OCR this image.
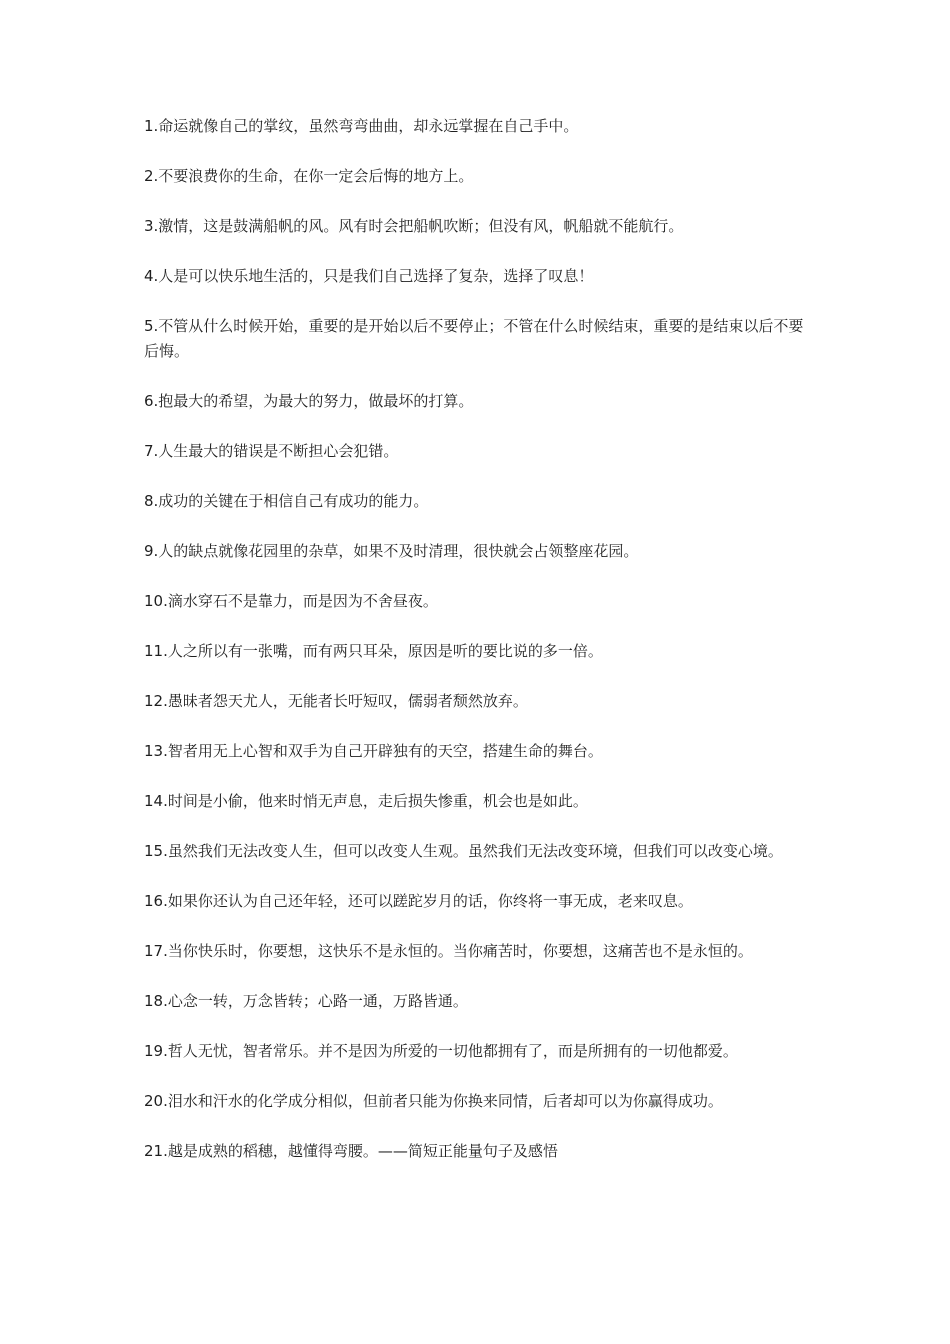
1.命运就像自己的掌纹，虽然弯弯曲曲，却永远掌握在自己手中。

2.不要浪费你的生命，在你一定会后悔的地方上。

3.激情，这是鼓满船帆的风。风有时会把船帆吹断；但没有风，帆船就不能航行。

4.人是可以快乐地生活的，只是我们自己选择了复杂，选择了叹息！

5.不管从什么时候开始，重要的是开始以后不要停止；不管在什么时候结束，重要的是结束以后不要后悔。

6.抱最大的希望，为最大的努力，做最坏的打算。

7.人生最大的错误是不断担心会犯错。

8.成功的关键在于相信自己有成功的能力。

9.人的缺点就像花园里的杂草，如果不及时清理，很快就会占领整座花园。

10.滴水穿石不是靠力，而是因为不舍昼夜。

11.人之所以有一张嘴，而有两只耳朵，原因是听的要比说的多一倍。

12.愚昧者怨天尤人，无能者长吁短叹，儒弱者颓然放弃。

13.智者用无上心智和双手为自己开辟独有的天空，搭建生命的舞台。

14.时间是小偷，他来时悄无声息，走后损失惨重，机会也是如此。

15.虽然我们无法改变人生，但可以改变人生观。虽然我们无法改变环境，但我们可以改变心境。

16.如果你还认为自己还年轻，还可以蹉跎岁月的话，你终将一事无成，老来叹息。

17.当你快乐时，你要想，这快乐不是永恒的。当你痛苦时，你要想，这痛苦也不是永恒的。

18.心念一转，万念皆转；心路一通，万路皆通。

19.哲人无忧，智者常乐。并不是因为所爱的一切他都拥有了，而是所拥有的一切他都爱。

20.泪水和汗水的化学成分相似，但前者只能为你换来同情，后者却可以为你赢得成功。

21.越是成熟的稻穗，越懂得弯腰。——简短正能量句子及感悟
